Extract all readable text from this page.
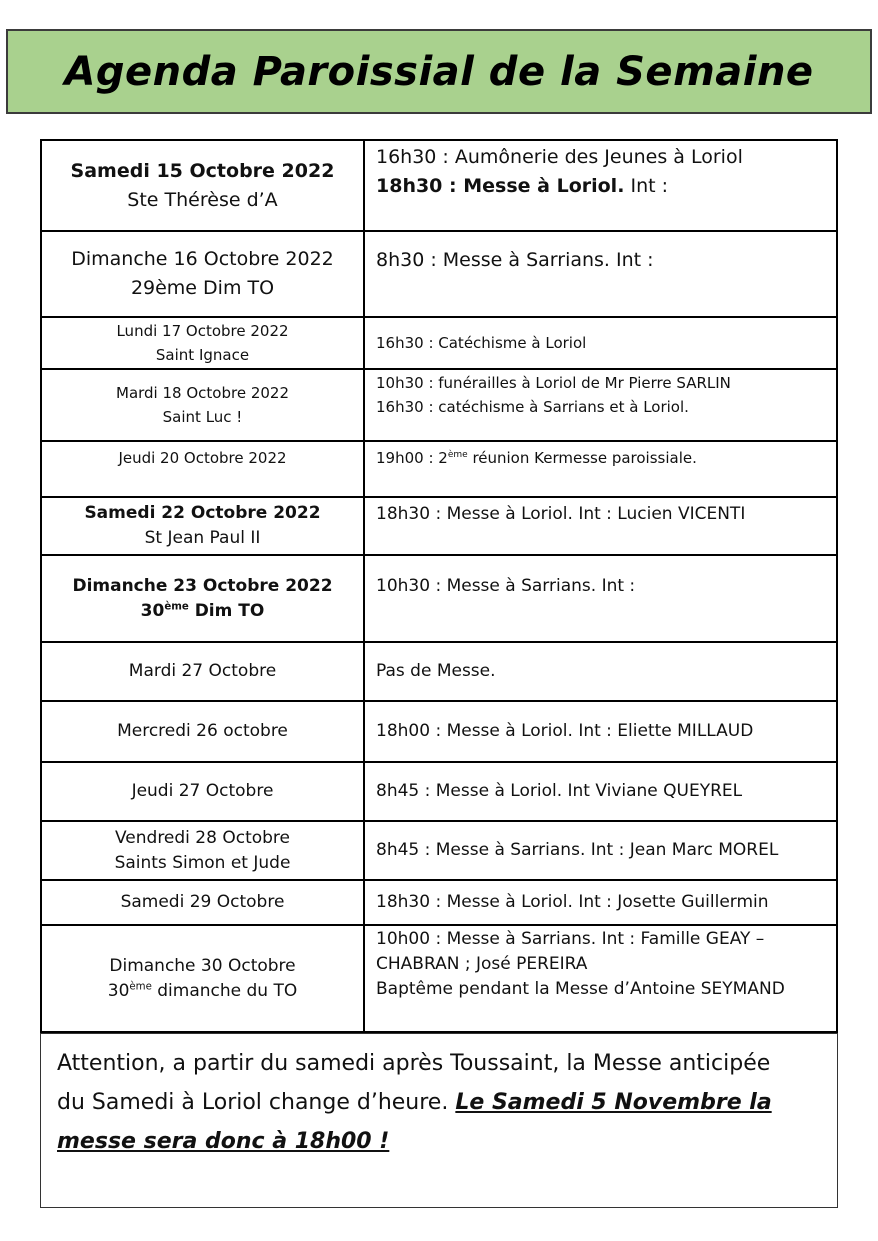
Agenda Paroissial de la Semaine
Samedi 15 Octobre 2022
Ste Thérèse d’A	16h30 : Aumônerie des Jeunes à Loriol
18h30 : Messe à Loriol. Int :

Dimanche 16 Octobre 2022
29ème Dim TO	8h30 : Messe à Sarrians. Int :

Lundi 17 Octobre 2022
Saint Ignace	16h30 : Catéchisme à Loriol

Mardi 18 Octobre 2022
Saint Luc !	10h30 : funérailles à Loriol de Mr Pierre SARLIN
16h30 : catéchisme à Sarrians et à Loriol.

Jeudi 20 Octobre 2022	19h00 : 2ème réunion Kermesse paroissiale.

Samedi 22 Octobre 2022
St Jean Paul II	18h30 : Messe à Loriol. Int : Lucien VICENTI

Dimanche 23 Octobre 2022
30ème Dim TO	10h30 : Messe à Sarrians. Int :

Mardi 27 Octobre	Pas de Messe.

Mercredi 26 octobre	18h00 : Messe à Loriol. Int : Eliette MILLAUD

Jeudi 27 Octobre	8h45 : Messe à Loriol. Int Viviane QUEYREL

Vendredi 28 Octobre
Saints Simon et Jude	8h45 : Messe à Sarrians. Int : Jean Marc MOREL

Samedi 29 Octobre	18h30 : Messe à Loriol. Int : Josette Guillermin

Dimanche 30 Octobre
30ème dimanche du TO	10h00 : Messe à Sarrians. Int : Famille GEAY –
CHABRAN ; José PEREIRA
Baptême pendant la Messe d’Antoine SEYMAND
Attention, a partir du samedi après Toussaint, la Messe anticipée
du Samedi à Loriol change d’heure. Le Samedi 5 Novembre la
messe sera donc à 18h00 !
